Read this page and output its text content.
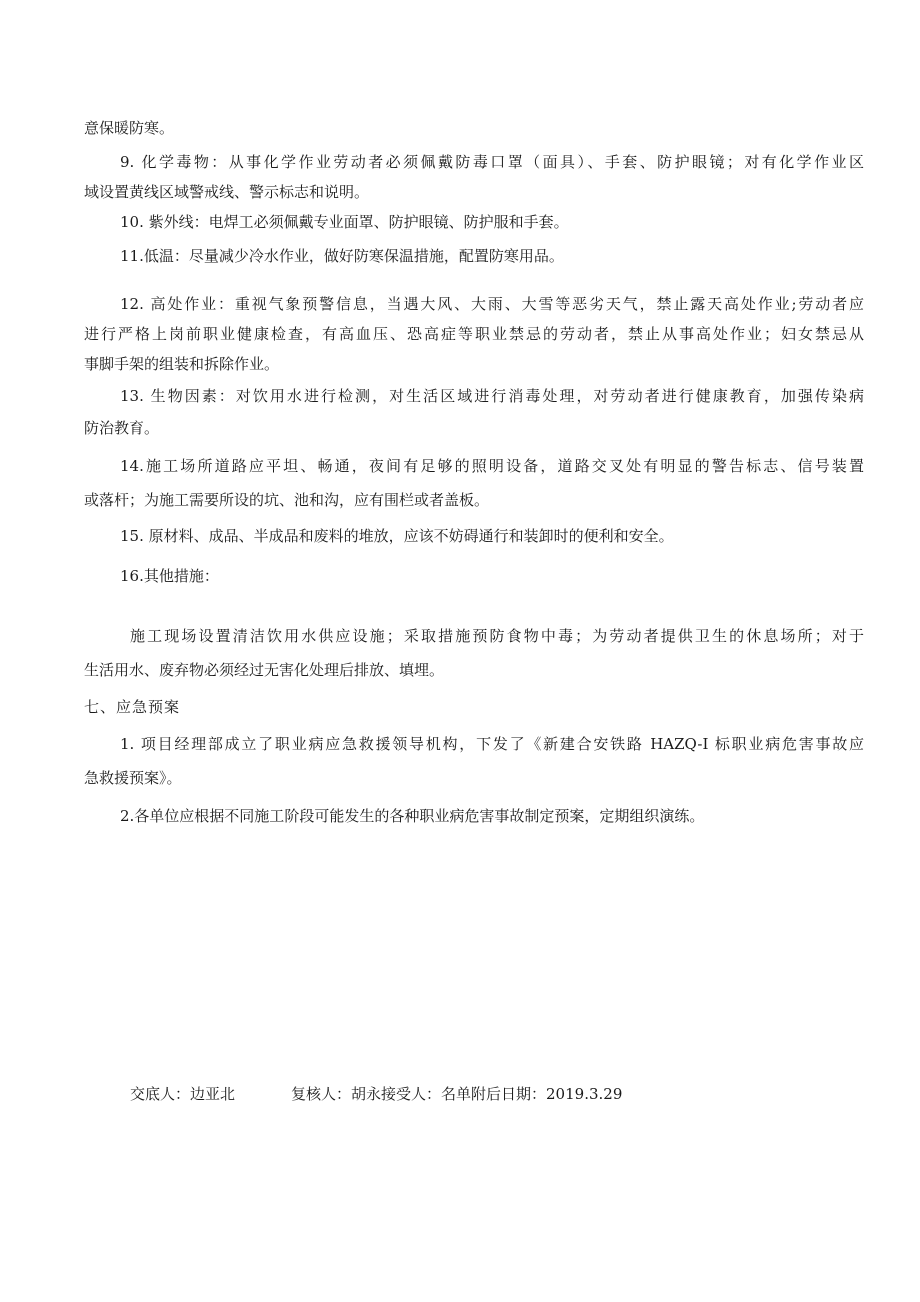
意保暖防寒。
9. 化学毒物：从事化学作业劳动者必须佩戴防毒口罩（面具）、手套、防护眼镜；对有化学作业区
域设置黄线区域警戒线、警示标志和说明。
10. 紫外线：电焊工必须佩戴专业面罩、防护眼镜、防护服和手套。
11.低温：尽量减少冷水作业，做好防寒保温措施，配置防寒用品。
12. 高处作业：重视气象预警信息，当遇大风、大雨、大雪等恶劣天气，禁止露天高处作业;劳动者应
进行严格上岗前职业健康检查，有高血压、恐高症等职业禁忌的劳动者，禁止从事高处作业；妇女禁忌从
事脚手架的组装和拆除作业。
13. 生物因素：对饮用水进行检测，对生活区域进行消毒处理，对劳动者进行健康教育，加强传染病
防治教育。
14.施工场所道路应平坦、畅通，夜间有足够的照明设备，道路交叉处有明显的警告标志、信号装置
或落杆；为施工需要所设的坑、池和沟，应有围栏或者盖板。
15. 原材料、成品、半成品和废料的堆放，应该不妨碍通行和装卸时的便利和安全。
16.其他措施：
施工现场设置清洁饮用水供应设施；采取措施预防食物中毒；为劳动者提供卫生的休息场所；对于
生活用水、废弃物必须经过无害化处理后排放、填埋。
七、应急预案
1. 项目经理部成立了职业病应急救援领导机构，下发了《新建合安铁路 HAZQ-I 标职业病危害事故应
急救援预案》。
2.各单位应根据不同施工阶段可能发生的各种职业病危害事故制定预案，定期组织演练。
交底人：边亚北	复核人：胡永接受人：名单附后日期：2019.3.29
